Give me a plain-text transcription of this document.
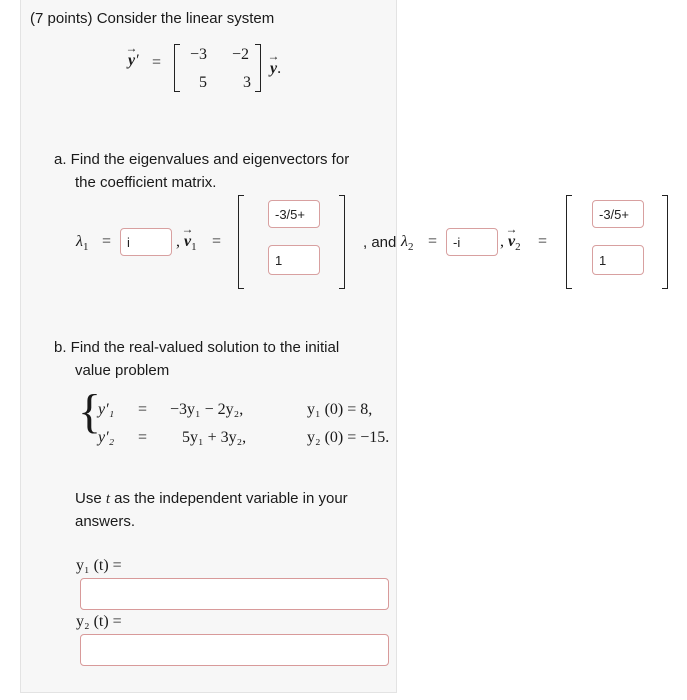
(7 points) Consider the linear system
→ y′ = −3 −2
5 3
→ y.
a. Find the eigenvalues and eigenvectors for
the coefficient matrix.
$\lambda_1$ =
i	, → $v_1$ =
-3/5+
1	, and $\lambda_2$ =
-i	, → $v_2$ =
-3/5+
1
b. Find the real-valued solution to the initial
value problem
{
y′₁ = −3y₁ − 2y₂,	y₁ (0) = 8,
y′₂ = 5y₁ + 3y₂,	y₂ (0) = −15.
Use t as the independent variable in your
answers.
y₁ (t) =
y₂ (t) =
